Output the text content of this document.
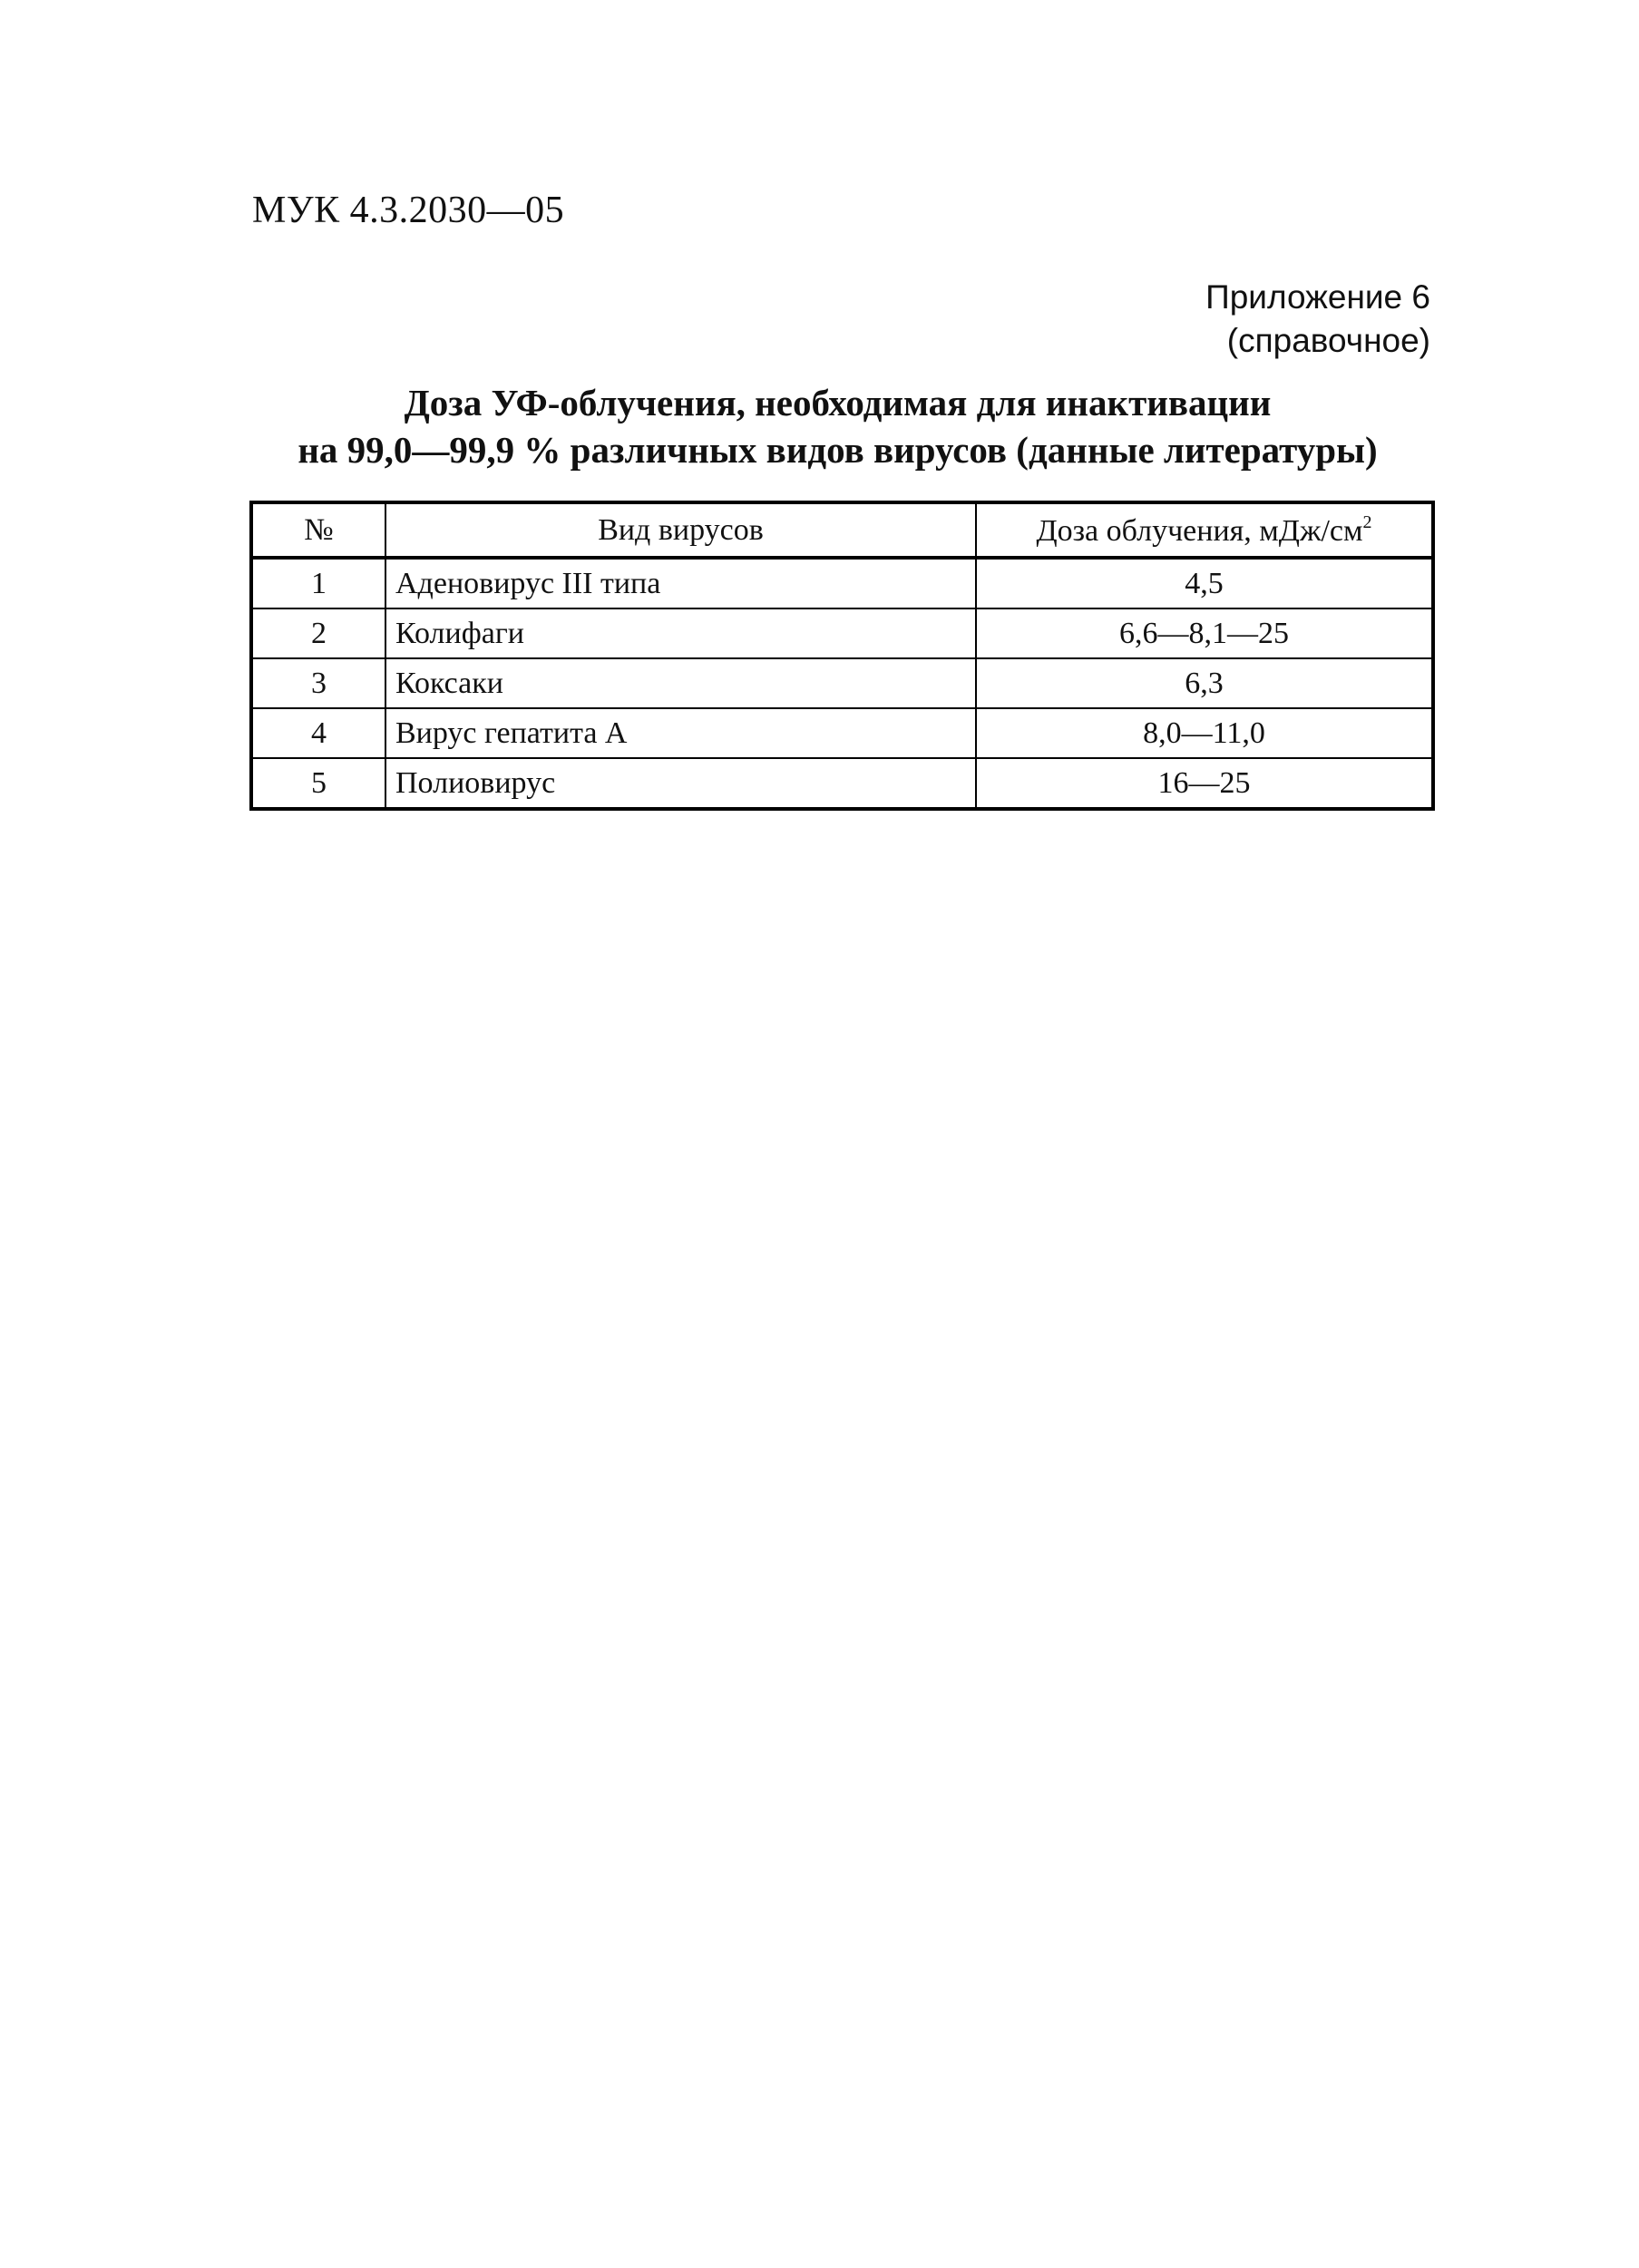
МУК 4.3.2030—05
Приложение 6
(справочное)
Доза УФ-облучения, необходимая для инактивации
на 99,0—99,9 % различных видов вирусов (данные литературы)
№	Вид вирусов	Доза облучения, мДж/$см^2$
1	Аденовирус III типа	4,5
2	Колифаги	6,6—8,1—25
3	Коксаки	6,3
4	Вирус гепатита А	8,0—11,0
5	Полиовирус	16—25
